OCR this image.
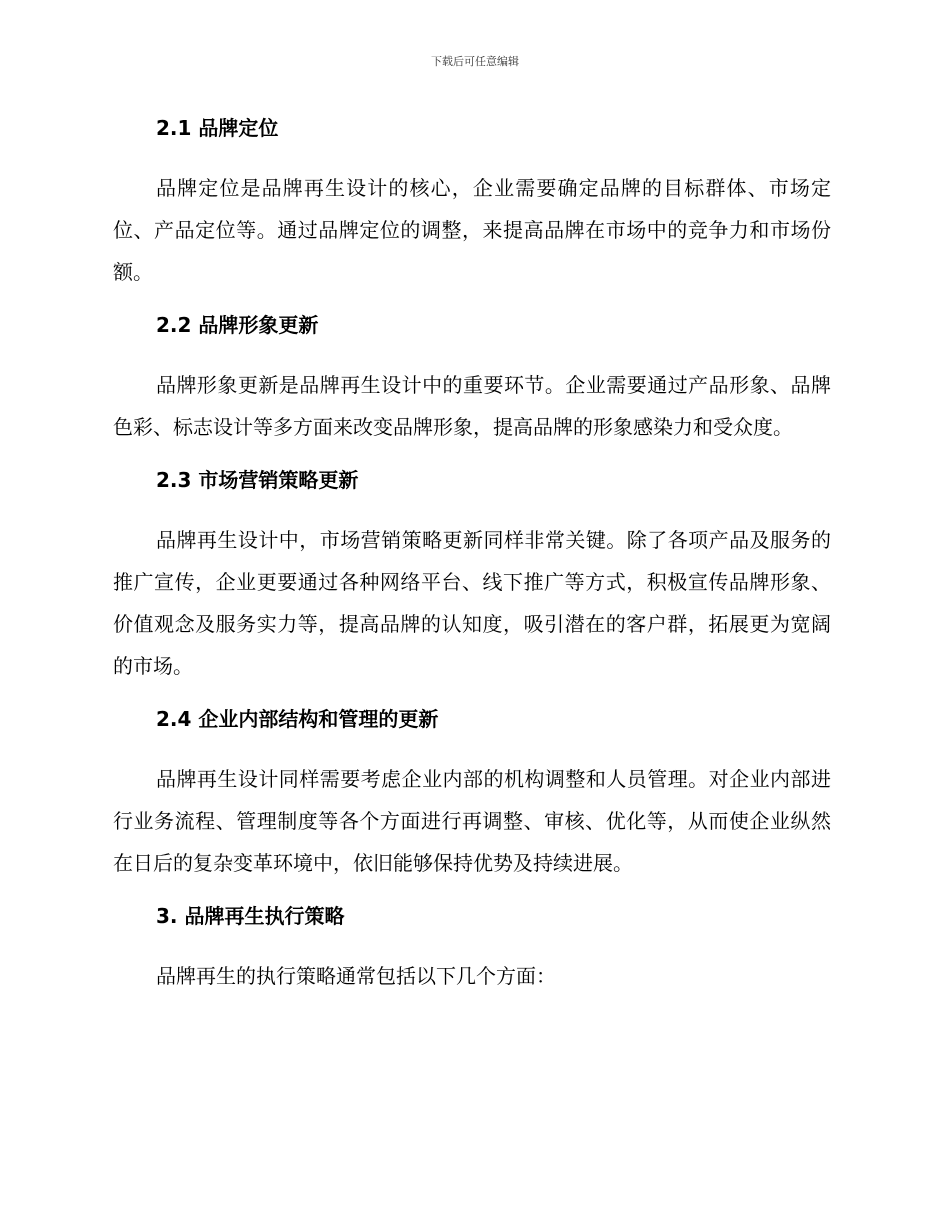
下载后可任意编辑
2.1 品牌定位

品牌定位是品牌再生设计的核心，企业需要确定品牌的目标群体、市场定位、产品定位等。通过品牌定位的调整，来提高品牌在市场中的竞争力和市场份额。

2.2 品牌形象更新

品牌形象更新是品牌再生设计中的重要环节。企业需要通过产品形象、品牌色彩、标志设计等多方面来改变品牌形象，提高品牌的形象感染力和受众度。

2.3 市场营销策略更新

品牌再生设计中，市场营销策略更新同样非常关键。除了各项产品及服务的推广宣传，企业更要通过各种网络平台、线下推广等方式，积极宣传品牌形象、价值观念及服务实力等，提高品牌的认知度，吸引潜在的客户群，拓展更为宽阔的市场。

2.4 企业内部结构和管理的更新

品牌再生设计同样需要考虑企业内部的机构调整和人员管理。对企业内部进行业务流程、管理制度等各个方面进行再调整、审核、优化等，从而使企业纵然在日后的复杂变革环境中，依旧能够保持优势及持续进展。

3. 品牌再生执行策略

品牌再生的执行策略通常包括以下几个方面：
